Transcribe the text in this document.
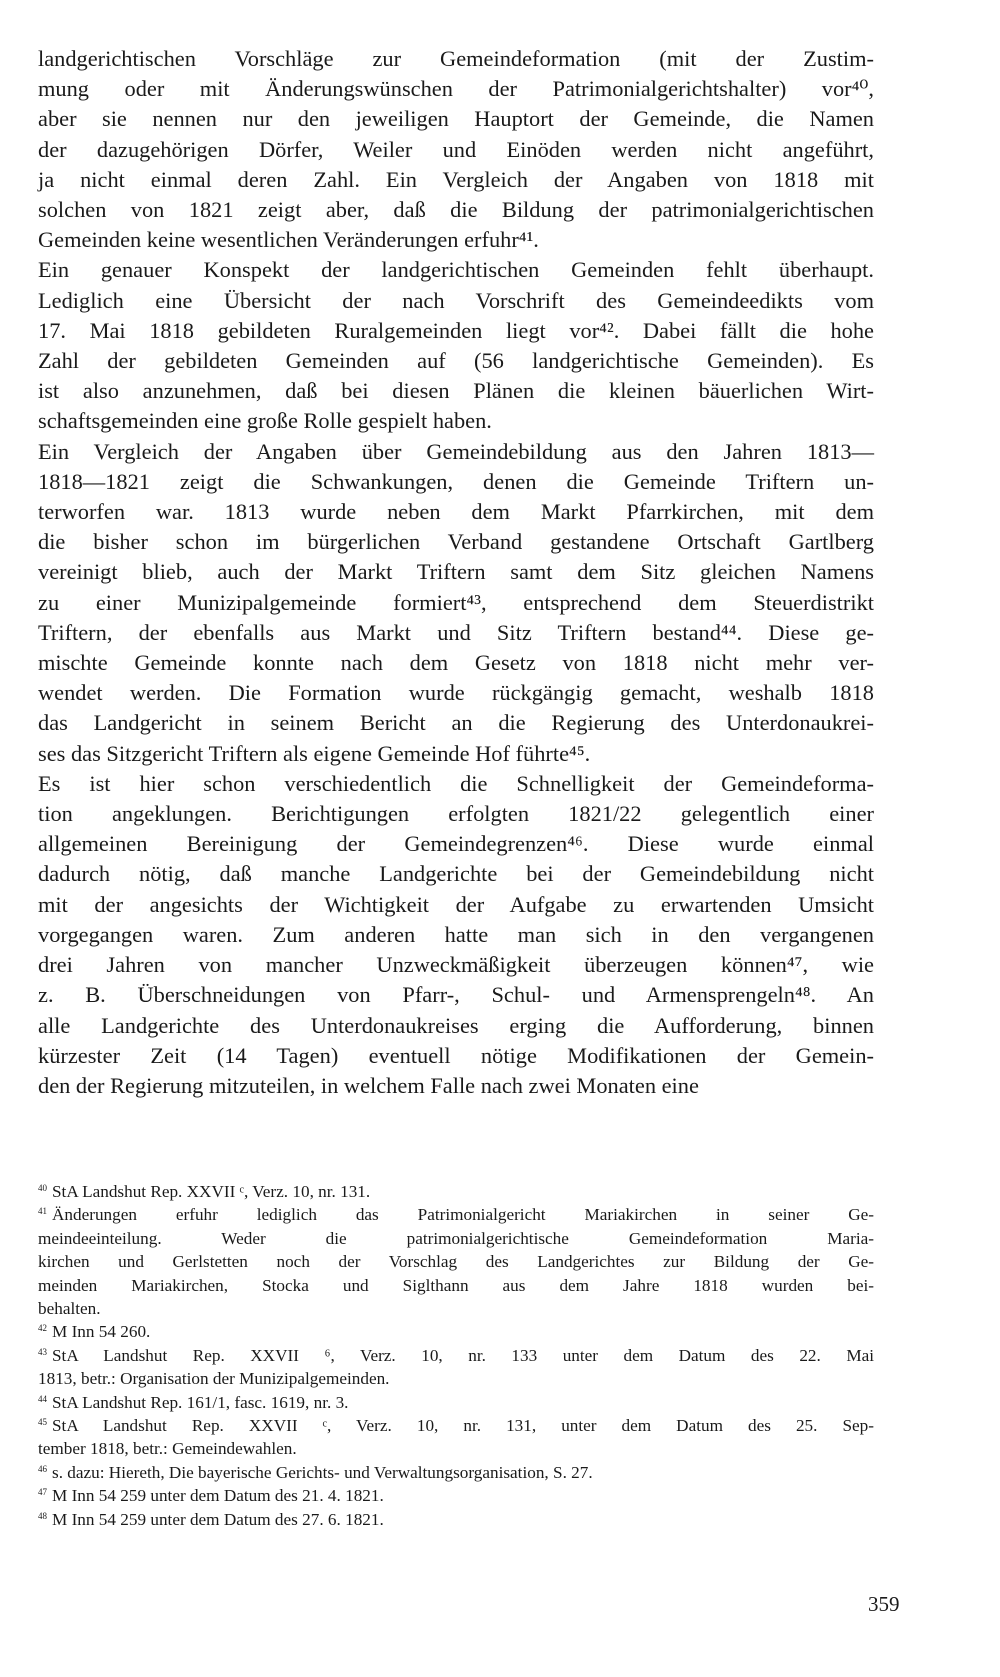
landgerichtischen Vorschläge zur Gemeindeformation (mit der Zustim-
mung oder mit Änderungswünschen der Patrimonialgerichtshalter) vor⁴⁰,
aber sie nennen nur den jeweiligen Hauptort der Gemeinde, die Namen
der dazugehörigen Dörfer, Weiler und Einöden werden nicht angeführt,
ja nicht einmal deren Zahl. Ein Vergleich der Angaben von 1818 mit
solchen von 1821 zeigt aber, daß die Bildung der patrimonialgerichtischen
Gemeinden keine wesentlichen Veränderungen erfuhr⁴¹.

Ein genauer Konspekt der landgerichtischen Gemeinden fehlt überhaupt.
Lediglich eine Übersicht der nach Vorschrift des Gemeindeedikts vom
17. Mai 1818 gebildeten Ruralgemeinden liegt vor⁴². Dabei fällt die hohe
Zahl der gebildeten Gemeinden auf (56 landgerichtische Gemeinden). Es
ist also anzunehmen, daß bei diesen Plänen die kleinen bäuerlichen Wirt-
schaftsgemeinden eine große Rolle gespielt haben.

Ein Vergleich der Angaben über Gemeindebildung aus den Jahren 1813—
1818—1821 zeigt die Schwankungen, denen die Gemeinde Triftern un-
terworfen war. 1813 wurde neben dem Markt Pfarrkirchen, mit dem
die bisher schon im bürgerlichen Verband gestandene Ortschaft Gartlberg
vereinigt blieb, auch der Markt Triftern samt dem Sitz gleichen Namens
zu einer Munizipalgemeinde formiert⁴³, entsprechend dem Steuerdistrikt
Triftern, der ebenfalls aus Markt und Sitz Triftern bestand⁴⁴. Diese ge-
mischte Gemeinde konnte nach dem Gesetz von 1818 nicht mehr ver-
wendet werden. Die Formation wurde rückgängig gemacht, weshalb 1818
das Landgericht in seinem Bericht an die Regierung des Unterdonaukrei-
ses das Sitzgericht Triftern als eigene Gemeinde Hof führte⁴⁵.

Es ist hier schon verschiedentlich die Schnelligkeit der Gemeindeforma-
tion angeklungen. Berichtigungen erfolgten 1821/22 gelegentlich einer
allgemeinen Bereinigung der Gemeindegrenzen⁴⁶. Diese wurde einmal
dadurch nötig, daß manche Landgerichte bei der Gemeindebildung nicht
mit der angesichts der Wichtigkeit der Aufgabe zu erwartenden Umsicht
vorgegangen waren. Zum anderen hatte man sich in den vergangenen
drei Jahren von mancher Unzweckmäßigkeit überzeugen können⁴⁷, wie
z. B. Überschneidungen von Pfarr-, Schul- und Armensprengeln⁴⁸. An
alle Landgerichte des Unterdonaukreises erging die Aufforderung, binnen
kürzester Zeit (14 Tagen) eventuell nötige Modifikationen der Gemein-
den der Regierung mitzuteilen, in welchem Falle nach zwei Monaten eine

$^{40}$ StA Landshut Rep. XXVII ᶜ, Verz. 10, nr. 131.
$^{41}$ Änderungen erfuhr lediglich das Patrimonialgericht Mariakirchen in seiner Ge-
meindeeinteilung. Weder die patrimonialgerichtische Gemeindeformation Maria-
kirchen und Gerlstetten noch der Vorschlag des Landgerichtes zur Bildung der Ge-
meinden Mariakirchen, Stocka und Siglthann aus dem Jahre 1818 wurden bei-
behalten.
$^{42}$ M Inn 54 260.
$^{43}$ StA Landshut Rep. XXVII ⁶, Verz. 10, nr. 133 unter dem Datum des 22. Mai
1813, betr.: Organisation der Munizipalgemeinden.
$^{44}$ StA Landshut Rep. 161/1, fasc. 1619, nr. 3.
$^{45}$ StA Landshut Rep. XXVII ᶜ, Verz. 10, nr. 131, unter dem Datum des 25. Sep-
tember 1818, betr.: Gemeindewahlen.
$^{46}$ s. dazu: Hiereth, Die bayerische Gerichts- und Verwaltungsorganisation, S. 27.
$^{47}$ M Inn 54 259 unter dem Datum des 21. 4. 1821.
$^{48}$ M Inn 54 259 unter dem Datum des 27. 6. 1821.
359
